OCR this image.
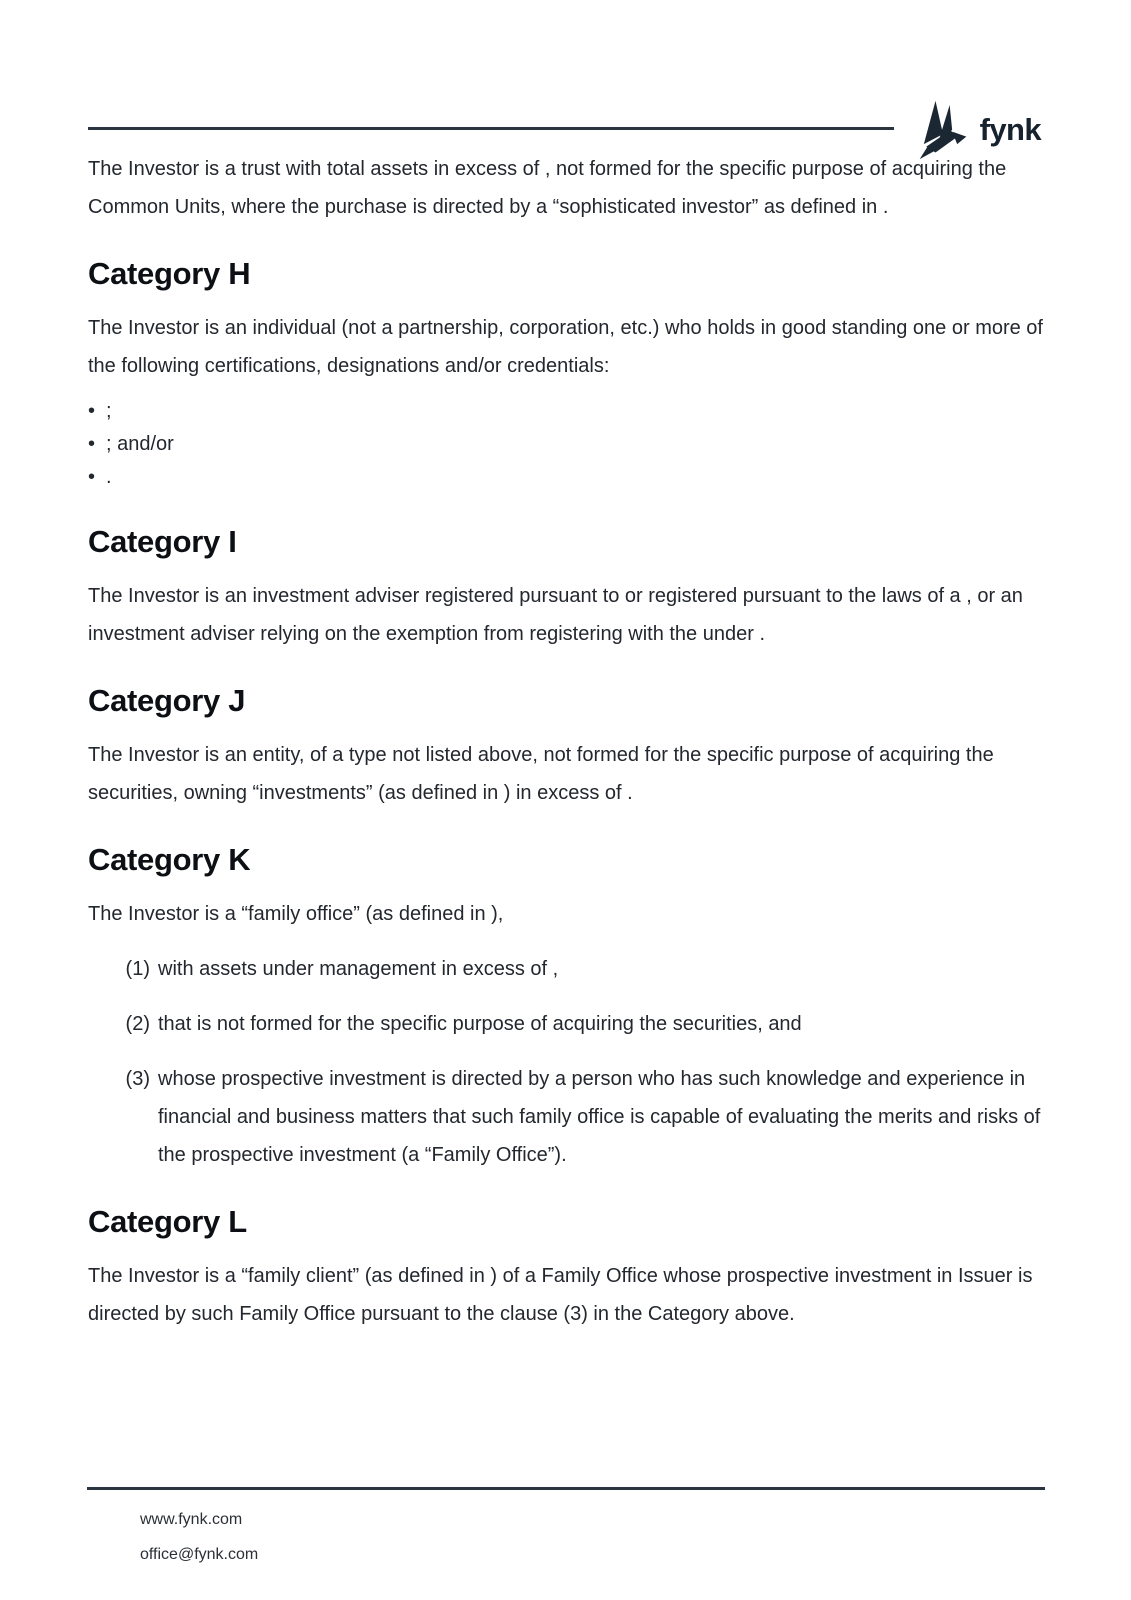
fynk

The Investor is a trust with total assets in excess of , not formed for the specific purpose of acquiring the Common Units, where the purchase is directed by a “sophisticated investor” as defined in .

Category H

The Investor is an individual (not a partnership, corporation, etc.) who holds in good standing one or more of the following certifications, designations and/or credentials:

• ;
• ; and/or
• .
Category I

The Investor is an investment adviser registered pursuant to or registered pursuant to the laws of a , or an investment adviser relying on the exemption from registering with the under .

Category J

The Investor is an entity, of a type not listed above, not formed for the specific purpose of acquiring the securities, owning “investments” (as defined in ) in excess of .

Category K

The Investor is a “family office” (as defined in ),

(1) with assets under management in excess of ,
(2) that is not formed for the specific purpose of acquiring the securities, and
(3) whose prospective investment is directed by a person who has such knowledge and experience in financial and business matters that such family office is capable of evaluating the merits and risks of the prospective investment (a “Family Office”).
Category L

The Investor is a “family client” (as defined in ) of a Family Office whose prospective investment in Issuer is directed by such Family Office pursuant to the clause (3) in the Category above.

www.fynk.com
office@fynk.com
